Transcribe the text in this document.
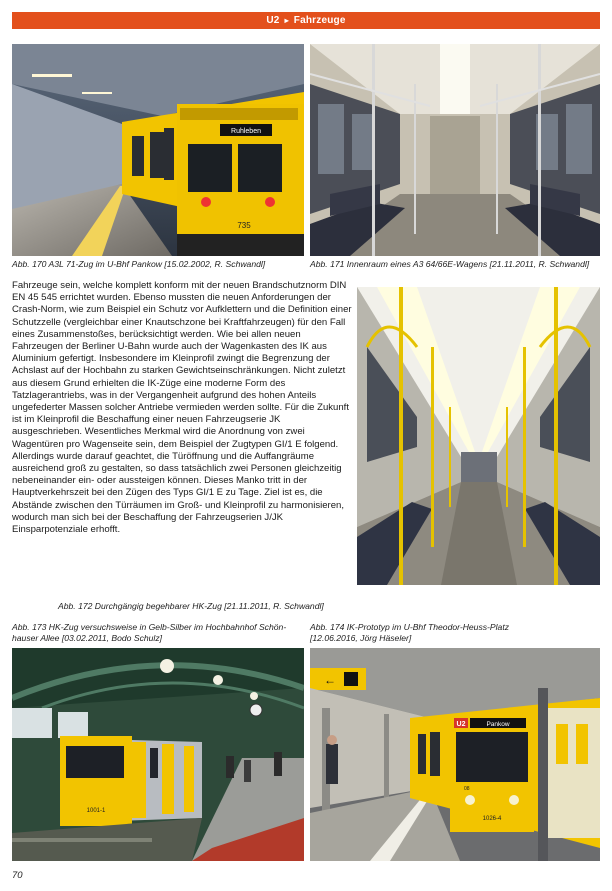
U2 ▸ Fahrzeuge
Ruhleben
735
Abb. 170 A3L 71-Zug im U-Bhf Pankow [15.02.2002, R. Schwandl]	Abb. 171 Innenraum eines A3 64/66E-Wagens [21.11.2011, R. Schwandl]

Fahrzeuge sein, welche komplett konform mit der neuen Brandschutznorm DIN EN 45 545 errichtet wurden. Ebenso mussten die neuen Anforderungen der Crash-Norm, wie zum Beispiel ein Schutz vor Aufklettern und die Definition einer Schutzzelle (vergleichbar einer Knautschzone bei Kraftfahrzeugen) für den Fall eines Zusammenstoßes, berücksichtigt werden. Wie bei allen neuen Fahrzeugen der Berliner U-Bahn wurde auch der Wagenkasten des IK aus Aluminium gefertigt. Insbesondere im Kleinprofil zwingt die Begrenzung der Achslast auf der Hochbahn zu starken Gewichtseinschränkungen. Nicht zuletzt aus diesem Grund erhielten die IK-Züge eine moderne Form des Tatzlagerantriebs, was in der Vergangenheit aufgrund des hohen Anteils ungefederter Massen solcher Antriebe vermieden werden sollte. Für die Zukunft ist im Kleinprofil die Beschaffung einer neuen Fahrzeugserie JK ausgeschrieben. Wesentliches Merkmal wird die Anordnung von zwei Wagentüren pro Wagenseite sein, dem Beispiel der Zugtypen GI/1 E folgend. Allerdings wurde darauf geachtet, die Türöffnung und die Auffangräume ausreichend groß zu gestalten, so dass tatsächlich zwei Personen gleichzeitig nebeneinander ein- oder aussteigen können. Dieses Manko tritt in der Hauptverkehrszeit bei den Zügen des Typs GI/1 E zu Tage. Ziel ist es, die Abstände zwischen den Türräumen im Groß- und Kleinprofil zu harmonisieren, wodurch man sich bei der Beschaffung der Fahrzeugserien J/JK Einsparpotenziale erhofft.

Abb. 172 Durchgängig begehbarer HK-Zug [21.11.2011, R. Schwandl]
Abb. 173 HK-Zug versuchsweise in Gelb-Silber im Hochbahnhof Schön-
hauser Allee [03.02.2011, Bodo Schulz]
Abb. 174 IK-Prototyp im U-Bhf Theodor-Heuss-Platz
[12.06.2016, Jörg Häseler]
1001-1
←
U2	Pankow
08
1026-4
70
